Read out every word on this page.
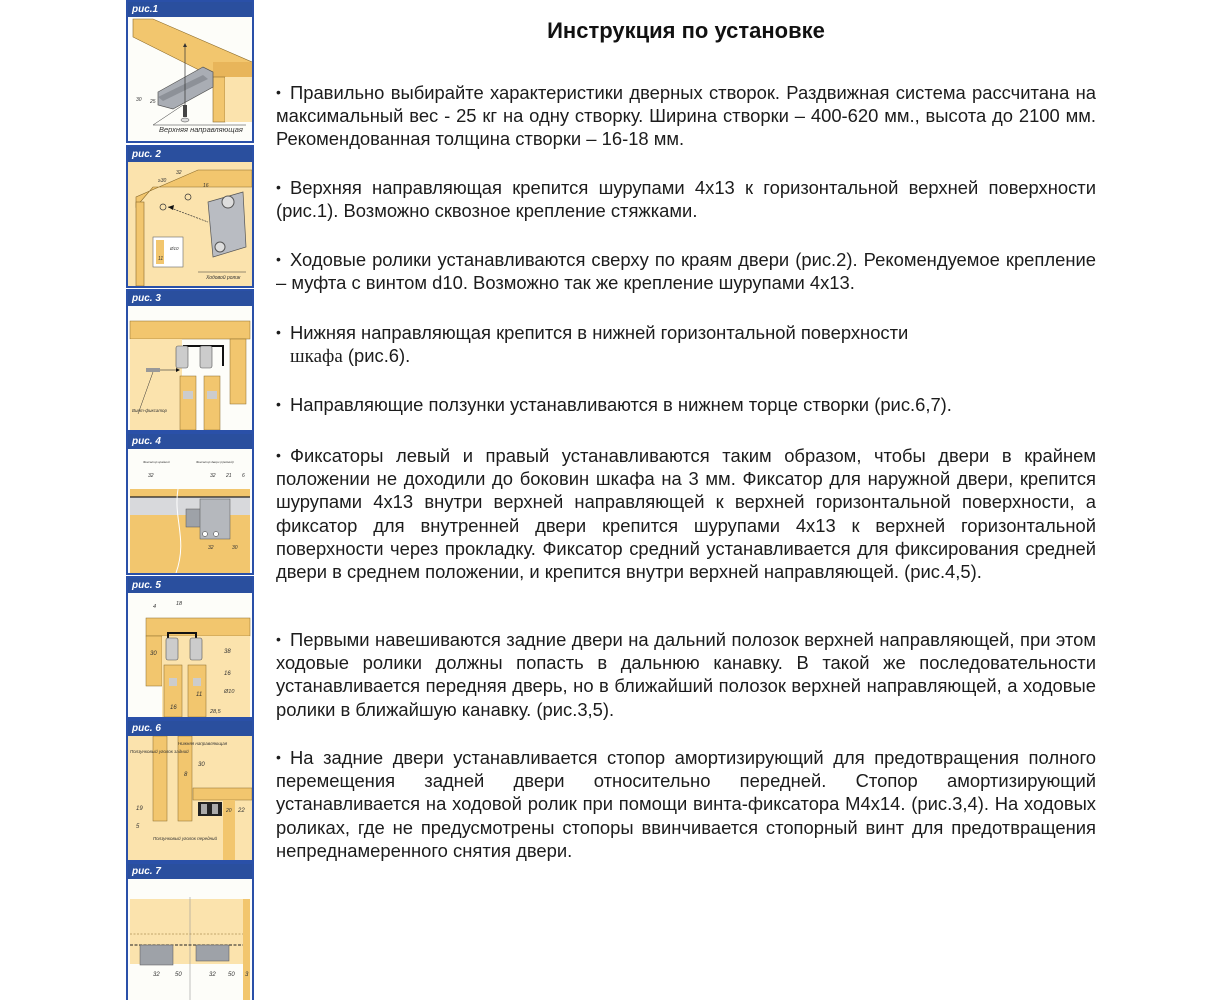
рис.1
30 25
Верхняя направляющая
рис. 2
≥30
32
16
Ø10
11
Ходовой ролик
рис. 3
Винт-фиксатор
рис. 4
Фиксатор крайний	Фиксатор двери (средний)
32	32 21 6
32	30
рис. 5
4	18
30	38
16
11	Ø10
16
28,5
рис. 6
Нижняя направляющая
Ползунковый уголок задний
Ползунковый уголок передний
30
8
19
5
20 22
рис. 7
32	50	32 50 3
Инструкция по установке

• Правильно выбирайте характеристики дверных створок. Раздвижная система рассчитана на максимальный вес - 25 кг на одну створку. Ширина створки – 400-620 мм., высота до 2100 мм. Рекомендованная толщина створки – 16-18 мм.

• Верхняя направляющая крепится шурупами 4х13 к горизонтальной верхней поверхности (рис.1). Возможно сквозное крепление стяжками.

• Ходовые ролики устанавливаются сверху по краям двери (рис.2). Рекомендуемое крепление – муфта с винтом d10. Возможно так же крепление шурупами 4х13.

• Нижняя направляющая крепится в нижней горизонтальной поверхности
шкафа (рис.6).

• Направляющие ползунки устанавливаются в нижнем торце створки (рис.6,7).

• Фиксаторы левый и правый устанавливаются таким образом, чтобы двери в крайнем положении не доходили до боковин шкафа на 3 мм. Фиксатор для наружной двери, крепится шурупами 4х13 внутри верхней направляющей к верхней горизонтальной поверхности, а фиксатор для внутренней двери крепится шурупами 4х13 к верхней горизонтальной поверхности через прокладку. Фиксатор средний устанавливается для фиксирования средней двери в среднем положении, и крепится внутри верхней направляющей. (рис.4,5).

• Первыми навешиваются задние двери на дальний полозок верхней направляющей, при этом ходовые ролики должны попасть в дальнюю канавку. В такой же последовательности устанавливается передняя дверь, но в ближайший полозок верхней направляющей, а ходовые ролики в ближайшую канавку. (рис.3,5).

• На задние двери устанавливается стопор амортизирующий для предотвращения полного перемещения задней двери относительно передней. Стопор амортизирующий устанавливается на ходовой ролик при помощи винта-фиксатора М4х14. (рис.3,4). На ходовых роликах, где не предусмотрены стопоры ввинчивается стопорный винт для предотвращения непреднамеренного снятия двери.
